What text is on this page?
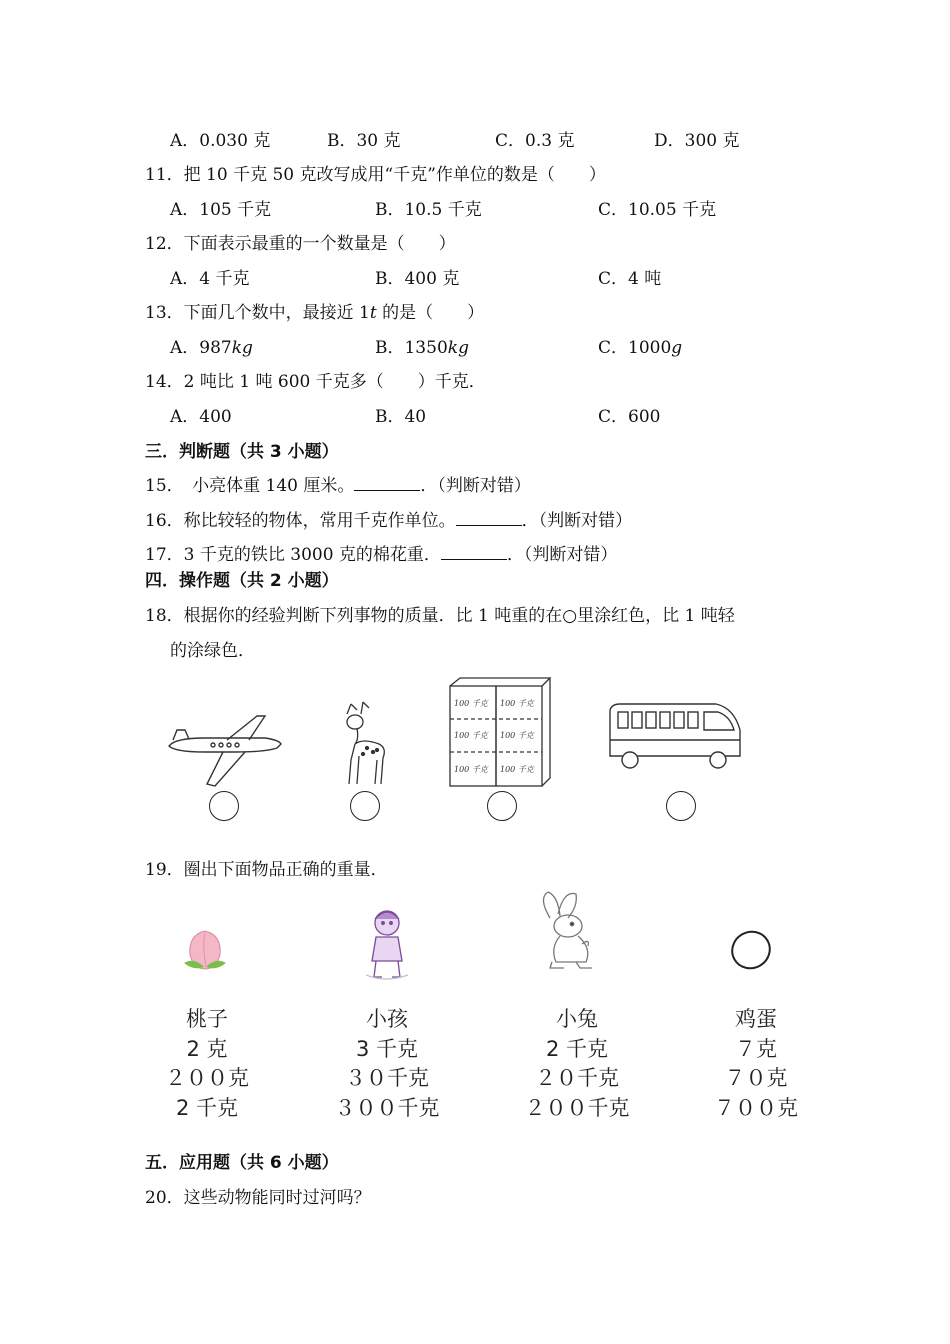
A．0.030 克	B．30 克	C．0.3 克	D．300 克
11．把 10 千克 50 克改写成用“千克”作单位的数是（　　）
A．105 千克	B．10.5 千克	C．10.05 千克
12．下面表示最重的一个数量是（　　）
A．4 千克	B．400 克	C．4 吨
13．下面几个数中，最接近 1t 的是（　　）
A．987kg	B．1350kg	C．1000g
14．2 吨比 1 吨 600 千克多（　　）千克．
A．400	B．40	C．600
三．判断题（共 3 小题）
15．　小亮体重 140 厘米。	．（判断对错）
16．称比较轻的物体，常用千克作单位。	．（判断对错）
17．3 千克的铁比 3000 克的棉花重．	．（判断对错）
四．操作题（共 2 小题）
18．根据你的经验判断下列事物的质量．比 1 吨重的在○里涂红色，比 1 吨轻
的涂绿色．
100 千克 100 千克
100 千克 100 千克
100 千克 100 千克
19．圈出下面物品正确的重量．
桃子
2 克
２００克
2 千克
小孩
3 千克
３０千克
３００千克
小兔
2 千克
２０千克
２００千克
鸡蛋
７克
７０克
７００克
五．应用题（共 6 小题）
20．这些动物能同时过河吗？
